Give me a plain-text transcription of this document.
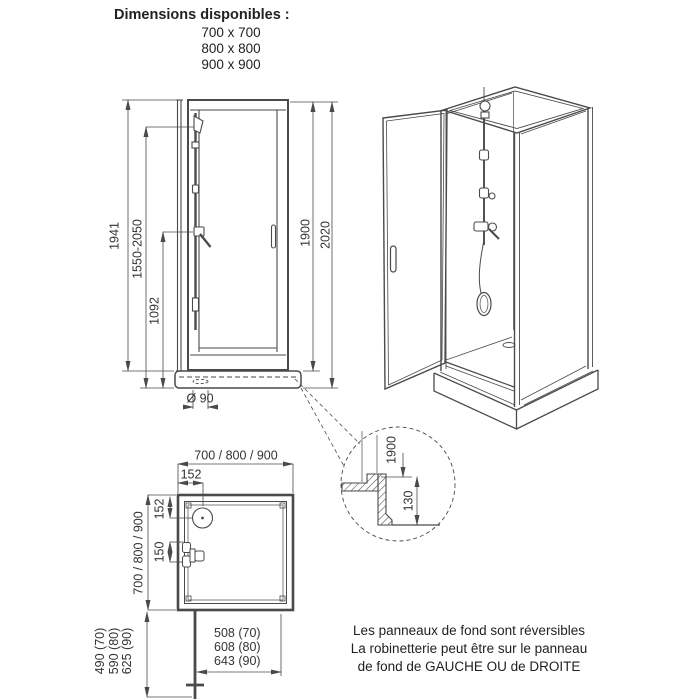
Dimensions disponibles :
700 x 700
800 x 800
900 x 900
1941 1550-2050
1092
1900 2020
Ø 90
700 / 800 / 900
152
700 / 800 / 900
152
150
1900
130
508 (70)
608 (80)
643 (90)
490 (70) 590 (80) 625 (90)	Les panneaux de fond sont réversibles
La robinetterie peut être sur le panneau
de fond de GAUCHE OU de DROITE
